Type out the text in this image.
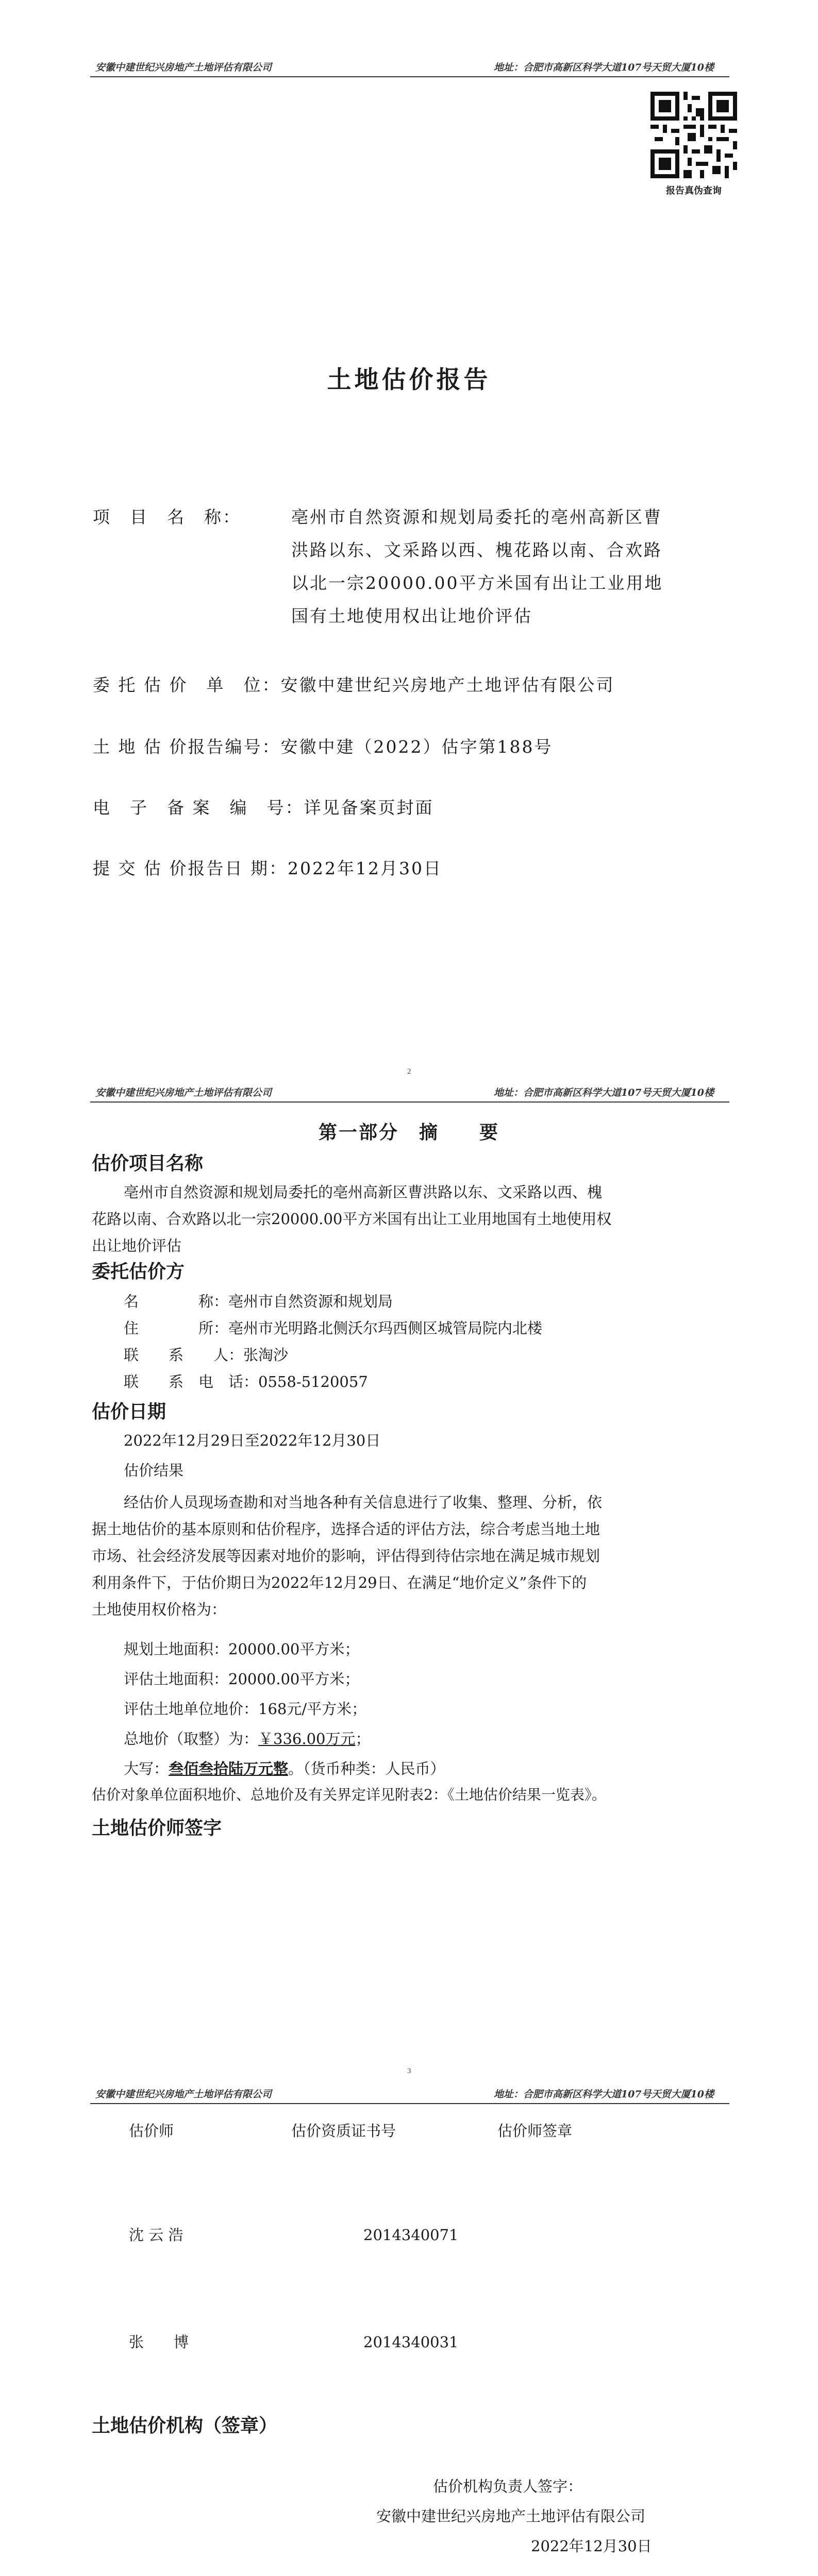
安徽中建世纪兴房地产土地评估有限公司	地址：合肥市高新区科学大道107号天贸大厦10楼
报告真伪查询
土地估价报告
项　目　名　称：	亳州市自然资源和规划局委托的亳州高新区曹
洪路以东、文采路以西、槐花路以南、合欢路
以北一宗20000.00平方米国有出让工业用地
国有土地使用权出让地价评估
委 托 估 价　单　位：安徽中建世纪兴房地产土地评估有限公司
土 地 估 价报告编号：安徽中建（2022）估字第188号
电　子　备 案　编　号：详见备案页封面
提 交 估 价报告日 期：2022年12月30日
2
安徽中建世纪兴房地产土地评估有限公司	地址：合肥市高新区科学大道107号天贸大厦10楼
第一部分　摘　　要
估价项目名称
亳州市自然资源和规划局委托的亳州高新区曹洪路以东、文采路以西、槐
花路以南、合欢路以北一宗20000.00平方米国有出让工业用地国有土地使用权
出让地价评估
委托估价方
名　　　　称：亳州市自然资源和规划局
住　　　　所：亳州市光明路北侧沃尔玛西侧区城管局院内北楼
联　　系　　人：张淘沙
联　　系　电　话：0558-5120057
估价日期
2022年12月29日至2022年12月30日
估价结果
经估价人员现场查勘和对当地各种有关信息进行了收集、整理、分析，依
据土地估价的基本原则和估价程序，选择合适的评估方法，综合考虑当地土地
市场、社会经济发展等因素对地价的影响，评估得到待估宗地在满足城市规划
利用条件下，于估价期日为2022年12月29日、在满足“地价定义”条件下的
土地使用权价格为：
规划土地面积：20000.00平方米；
评估土地面积：20000.00平方米；
评估土地单位地价：168元/平方米；
总地价（取整）为：￥336.00万元；
大写：叁佰叁拾陆万元整。（货币种类：人民币）
估价对象单位面积地价、总地价及有关界定详见附表2：《土地估价结果一览表》。
土地估价师签字
3
安徽中建世纪兴房地产土地评估有限公司	地址：合肥市高新区科学大道107号天贸大厦10楼
估价师	估价资质证书号	估价师签章
沈 云 浩	2014340071
张　　博	2014340031
土地估价机构（签章）
估价机构负责人签字：
安徽中建世纪兴房地产土地评估有限公司
2022年12月30日
